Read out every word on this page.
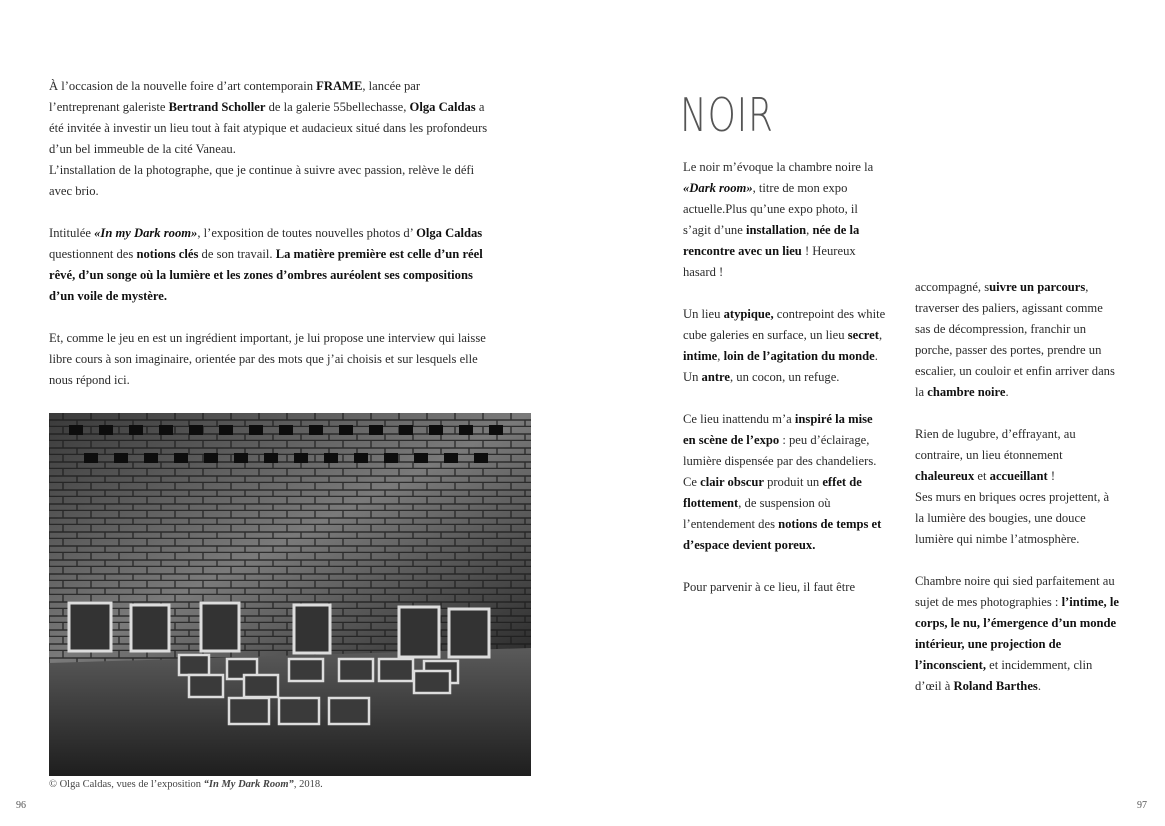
À l’occasion de la nouvelle foire d’art contemporain FRAME, lancée par l’entreprenant galeriste Bertrand Scholler de la galerie 55bellechasse, Olga Caldas a été invitée à investir un lieu tout à fait atypique et audacieux situé dans les profondeurs d’un bel immeuble de la cité Vaneau.
L’installation de la photographe, que je continue à suivre avec passion, relève le défi avec brio.

Intitulée «In my Dark room», l’exposition de toutes nouvelles photos d’ Olga Caldas questionnent des notions clés de son travail. La matière première est celle d’un réel rêvé, d’un songe où la lumière et les zones d’ombres auréolent ses compositions d’un voile de mystère.

Et, comme le jeu en est un ingrédient important, je lui propose une interview qui laisse libre cours à son imaginaire, orientée par des mots que j’ai choisis et sur lesquels elle nous répond ici.

© Olga Caldas, vues de l’exposition “In My Dark Room”, 2018.
NOIR

Le noir m’évoque la chambre noire la «Dark room», titre de mon expo actuelle.Plus qu’une expo photo, il s’agit d’une installation, née de la rencontre avec un lieu ! Heureux hasard !

Un lieu atypique, contrepoint des white cube galeries en surface, un lieu secret, intime, loin de l’agitation du monde. Un antre, un cocon, un refuge.

Ce lieu inattendu m’a inspiré la mise en scène de l’expo : peu d’éclairage, lumière dispensée par des chandeliers. Ce clair obscur produit un effet de flottement, de suspension où l’entendement des notions de temps et d’espace devient poreux.

Pour parvenir à ce lieu, il faut être

accompagné, suivre un parcours, traverser des paliers, agissant comme sas de décompression, franchir un porche, passer des portes, prendre un escalier, un couloir et enfin arriver dans la chambre noire.

Rien de lugubre, d’effrayant, au contraire, un lieu étonnement chaleureux et accueillant !
Ses murs en briques ocres projettent, à la lumière des bougies, une douce lumière qui nimbe l’atmosphère.

Chambre noire qui sied parfaitement au sujet de mes photographies : l’intime, le corps, le nu, l’émergence d’un monde intérieur, une projection de l’inconscient, et incidemment, clin d’œil à Roland Barthes.

96	97
